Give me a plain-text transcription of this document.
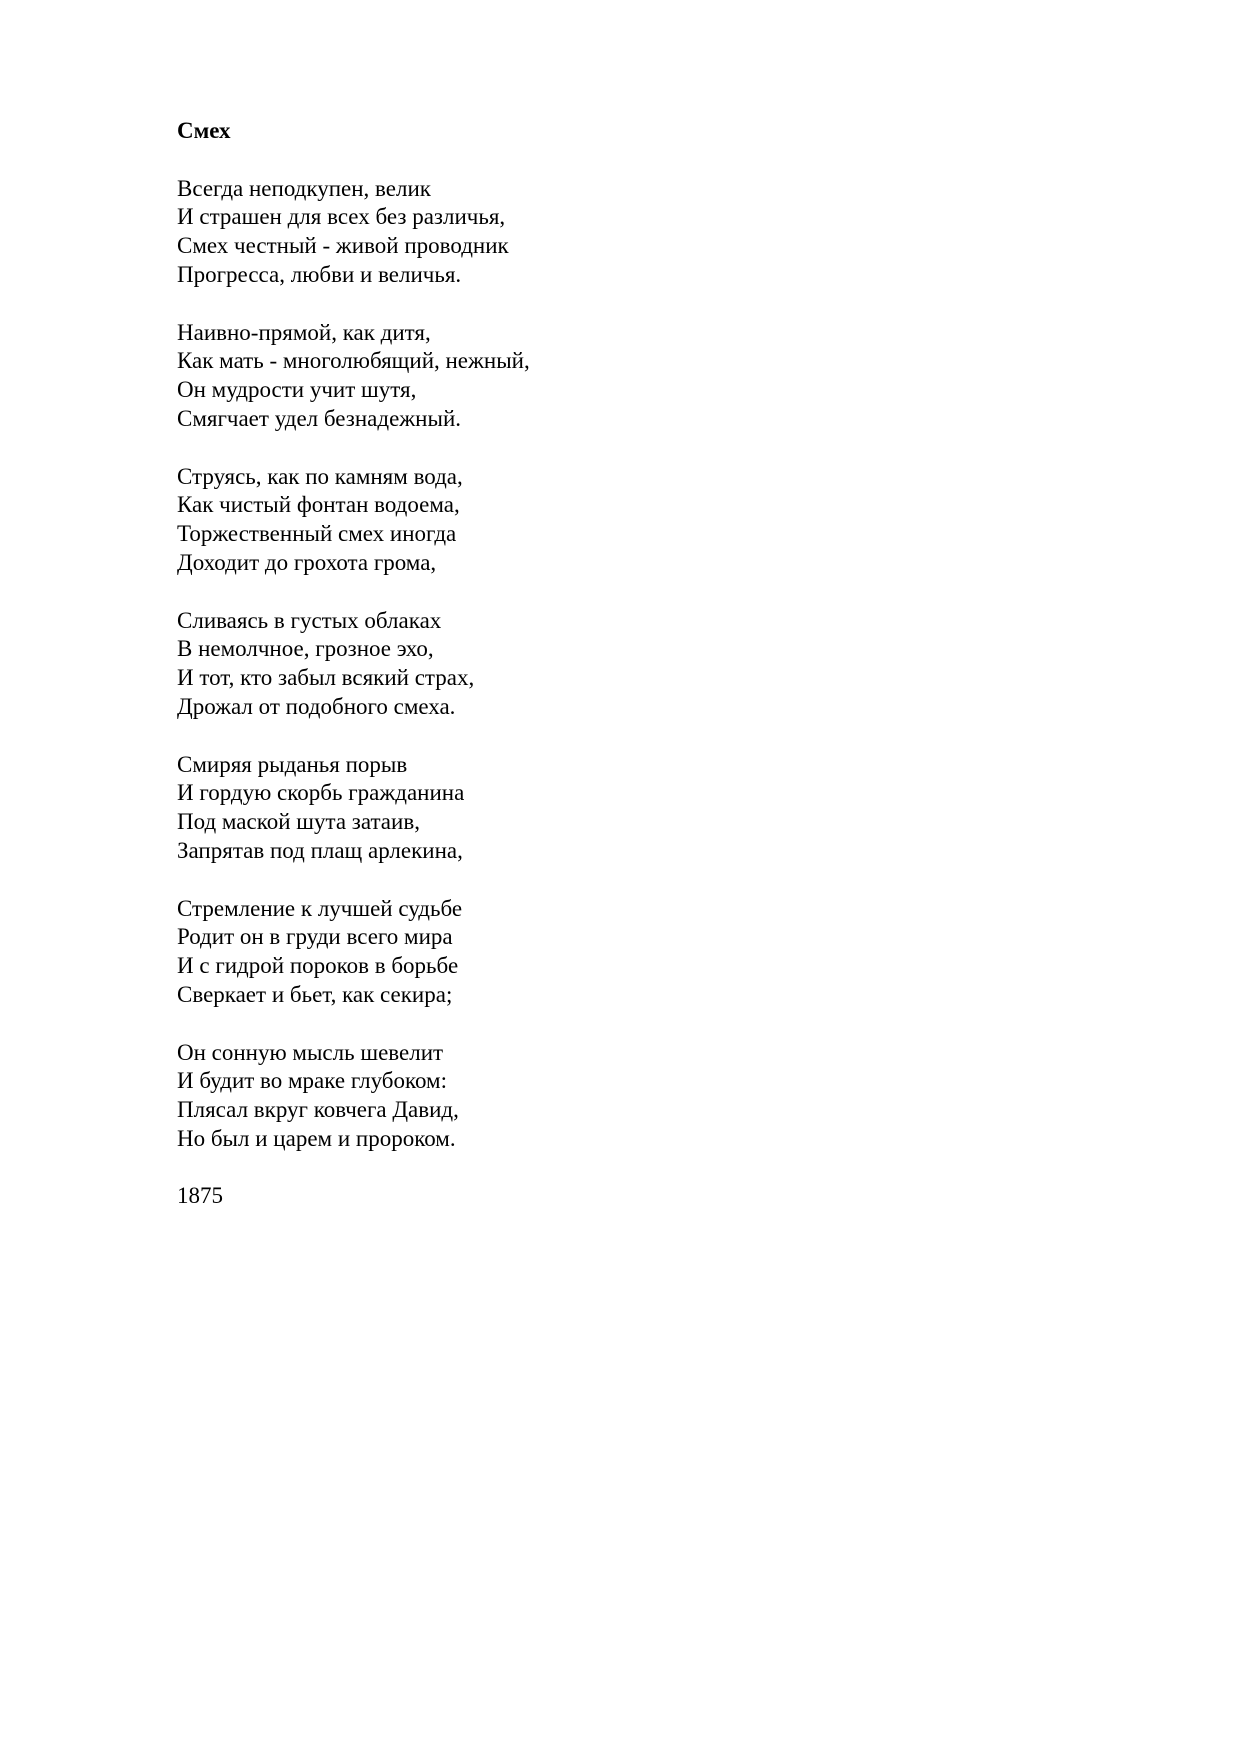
Смех
Всегда неподкупен, велик
И страшен для всех без различья,
Смех честный - живой проводник
Прогресса, любви и величья.
Наивно-прямой, как дитя,
Как мать - многолюбящий, нежный,
Он мудрости учит шутя,
Смягчает удел безнадежный.
Струясь, как по камням вода,
Как чистый фонтан водоема,
Торжественный смех иногда
Доходит до грохота грома,
Сливаясь в густых облаках
В немолчное, грозное эхо,
И тот, кто забыл всякий страх,
Дрожал от подобного смеха.
Смиряя рыданья порыв
И гордую скорбь гражданина
Под маской шута затаив,
Запрятав под плащ арлекина,
Стремление к лучшей судьбе
Родит он в груди всего мира
И с гидрой пороков в борьбе
Сверкает и бьет, как секира;
Он сонную мысль шевелит
И будит во мраке глубоком:
Плясал вкруг ковчега Давид,
Но был и царем и пророком.
1875
